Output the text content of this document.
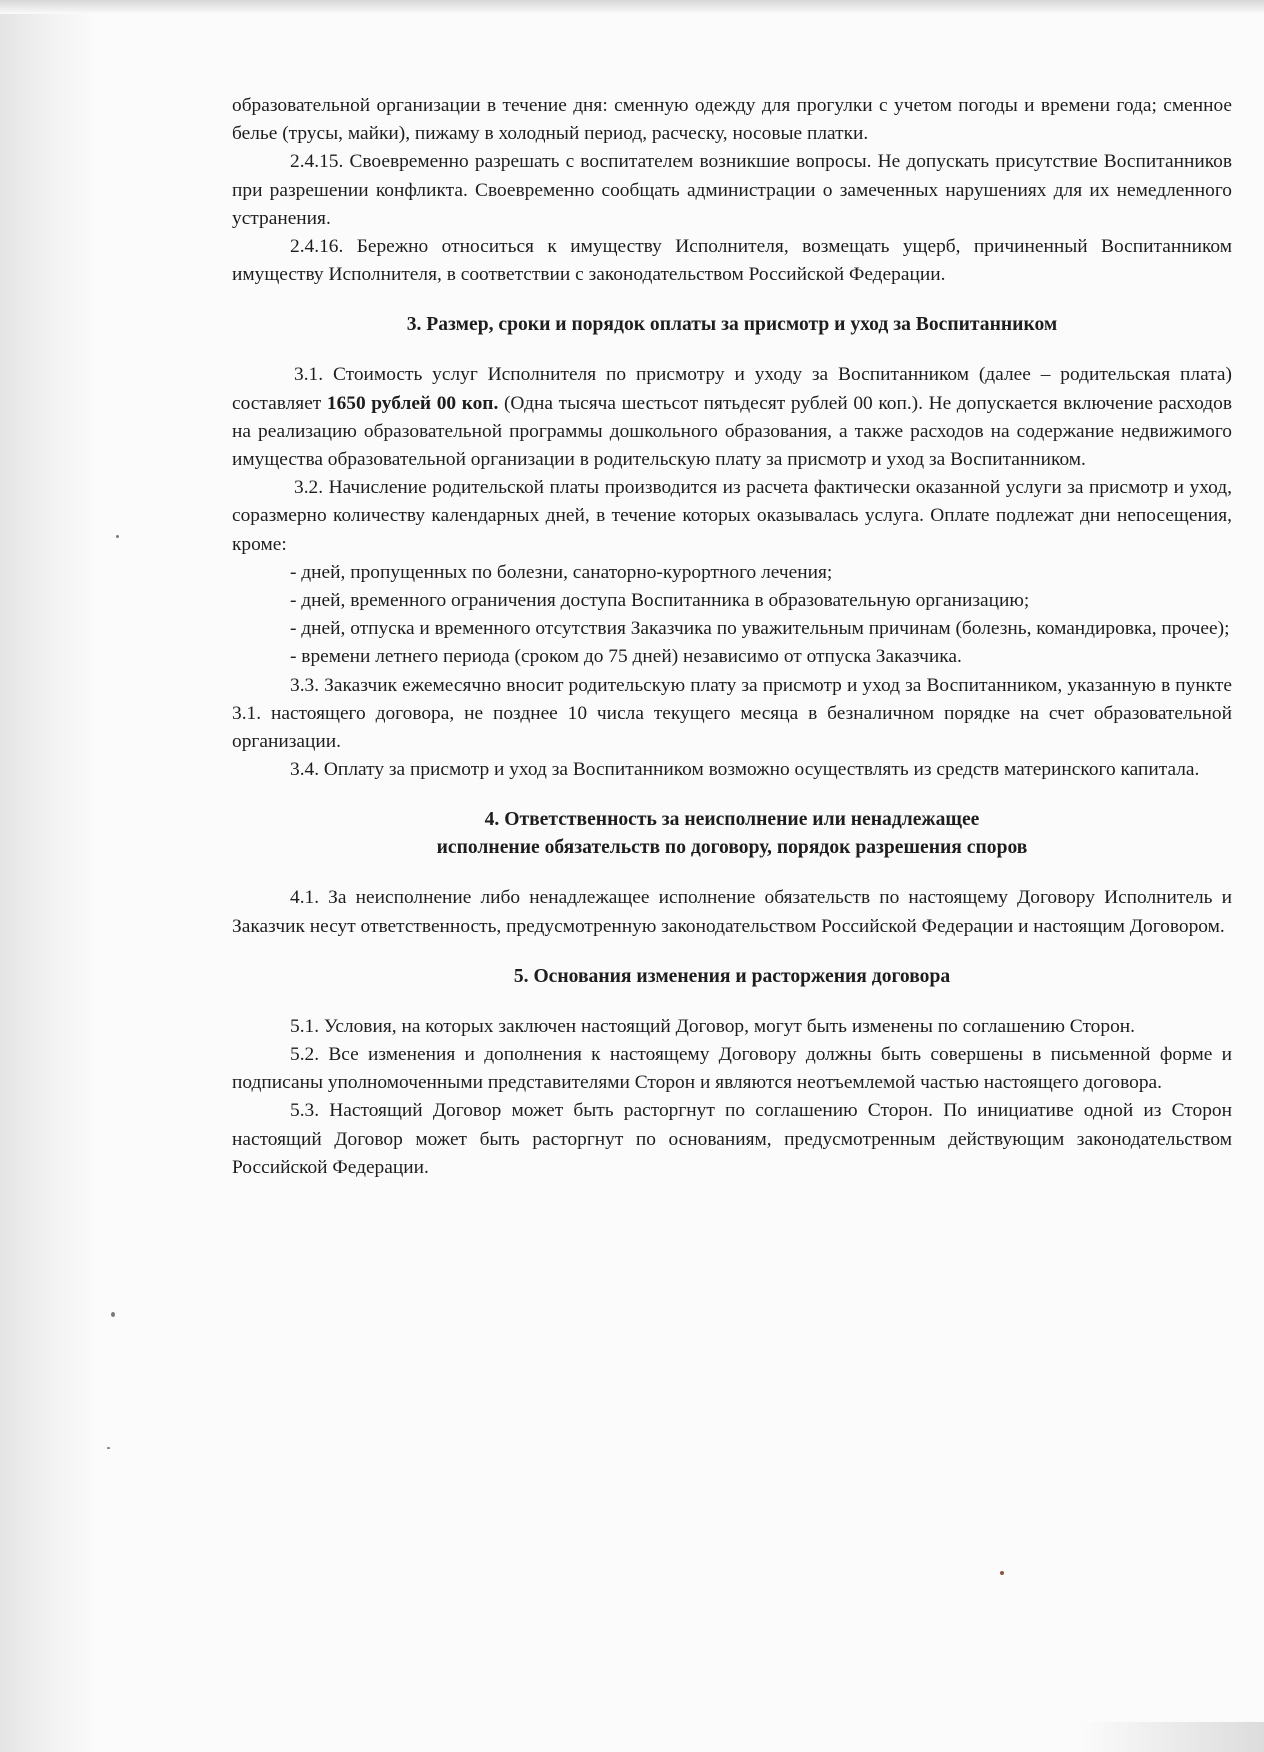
образовательной организации в течение дня: сменную одежду для прогулки с учетом погоды и времени года; сменное белье (трусы, майки), пижаму в холодный период, расческу, носовые платки.

2.4.15. Своевременно разрешать с воспитателем возникшие вопросы. Не допускать присутствие Воспитанников при разрешении конфликта. Своевременно сообщать администрации о замеченных нарушениях для их немедленного устранения.

2.4.16. Бережно относиться к имуществу Исполнителя, возмещать ущерб, причиненный Воспитанником имуществу Исполнителя, в соответствии с законодательством Российской Федерации.

3. Размер, сроки и порядок оплаты за присмотр и уход за Воспитанником

3.1. Стоимость услуг Исполнителя по присмотру и уходу за Воспитанником (далее – родительская плата) составляет 1650 рублей 00 коп. (Одна тысяча шестьсот пятьдесят рублей 00 коп.). Не допускается включение расходов на реализацию образовательной программы дошкольного образования, а также расходов на содержание недвижимого имущества образовательной организации в родительскую плату за присмотр и уход за Воспитанником.

3.2. Начисление родительской платы производится из расчета фактически оказанной услуги за присмотр и уход, соразмерно количеству календарных дней, в течение которых оказывалась услуга. Оплате подлежат дни непосещения, кроме:

- дней, пропущенных по болезни, санаторно-курортного лечения;

- дней, временного ограничения доступа Воспитанника в образовательную организацию;

- дней, отпуска и временного отсутствия Заказчика по уважительным причинам (болезнь, командировка, прочее);

- времени летнего периода (сроком до 75 дней) независимо от отпуска Заказчика.

3.3. Заказчик ежемесячно вносит родительскую плату за присмотр и уход за Воспитанником, указанную в пункте 3.1. настоящего договора, не позднее 10 числа текущего месяца в безналичном порядке на счет образовательной организации.

3.4. Оплату за присмотр и уход за Воспитанником возможно осуществлять из средств материнского капитала.

4. Ответственность за неисполнение или ненадлежащее

исполнение обязательств по договору, порядок разрешения споров

4.1. За неисполнение либо ненадлежащее исполнение обязательств по настоящему Договору Исполнитель и Заказчик несут ответственность, предусмотренную законодательством Российской Федерации и настоящим Договором.

5. Основания изменения и расторжения договора

5.1. Условия, на которых заключен настоящий Договор, могут быть изменены по соглашению Сторон.

5.2. Все изменения и дополнения к настоящему Договору должны быть совершены в письменной форме и подписаны уполномоченными представителями Сторон и являются неотъемлемой частью настоящего договора.

5.3. Настоящий Договор может быть расторгнут по соглашению Сторон. По инициативе одной из Сторон настоящий Договор может быть расторгнут по основаниям, предусмотренным действующим законодательством Российской Федерации.
